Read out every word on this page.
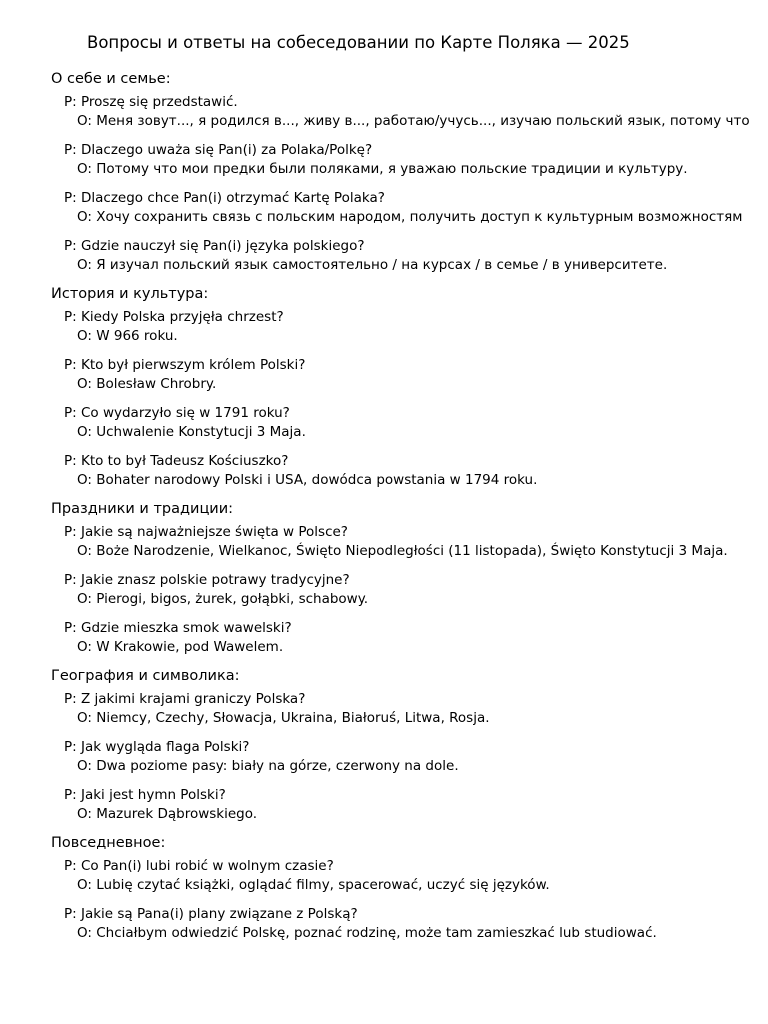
Вопросы и ответы на собеседовании по Карте Поляка — 2025
О себе и семье:
P: Proszę się przedstawić.
O: Меня зовут..., я родился в..., живу в..., работаю/учусь..., изучаю польский язык, потому что
P: Dlaczego uważa się Pan(i) za Polaka/Polkę?
O: Потому что мои предки были поляками, я уважаю польские традиции и культуру.
P: Dlaczego chce Pan(i) otrzymać Kartę Polaka?
O: Хочу сохранить связь с польским народом, получить доступ к культурным возможностям
P: Gdzie nauczył się Pan(i) języka polskiego?
O: Я изучал польский язык самостоятельно / на курсах / в семье / в университете.
История и культура:
P: Kiedy Polska przyjęła chrzest?
O: W 966 roku.
P: Kto był pierwszym królem Polski?
O: Bolesław Chrobry.
P: Co wydarzyło się w 1791 roku?
O: Uchwalenie Konstytucji 3 Maja.
P: Kto to był Tadeusz Kościuszko?
O: Bohater narodowy Polski i USA, dowódca powstania w 1794 roku.
Праздники и традиции:
P: Jakie są najważniejsze święta w Polsce?
O: Boże Narodzenie, Wielkanoc, Święto Niepodległości (11 listopada), Święto Konstytucji 3 Maja.
P: Jakie znasz polskie potrawy tradycyjne?
O: Pierogi, bigos, żurek, gołąbki, schabowy.
P: Gdzie mieszka smok wawelski?
O: W Krakowie, pod Wawelem.
География и символика:
P: Z jakimi krajami graniczy Polska?
O: Niemcy, Czechy, Słowacja, Ukraina, Białoruś, Litwa, Rosja.
P: Jak wygląda flaga Polski?
O: Dwa poziome pasy: biały na górze, czerwony na dole.
P: Jaki jest hymn Polski?
O: Mazurek Dąbrowskiego.
Повседневное:
P: Co Pan(i) lubi robić w wolnym czasie?
O: Lubię czytać książki, oglądać filmy, spacerować, uczyć się języków.
P: Jakie są Pana(i) plany związane z Polską?
O: Chciałbym odwiedzić Polskę, poznać rodzinę, może tam zamieszkać lub studiować.
